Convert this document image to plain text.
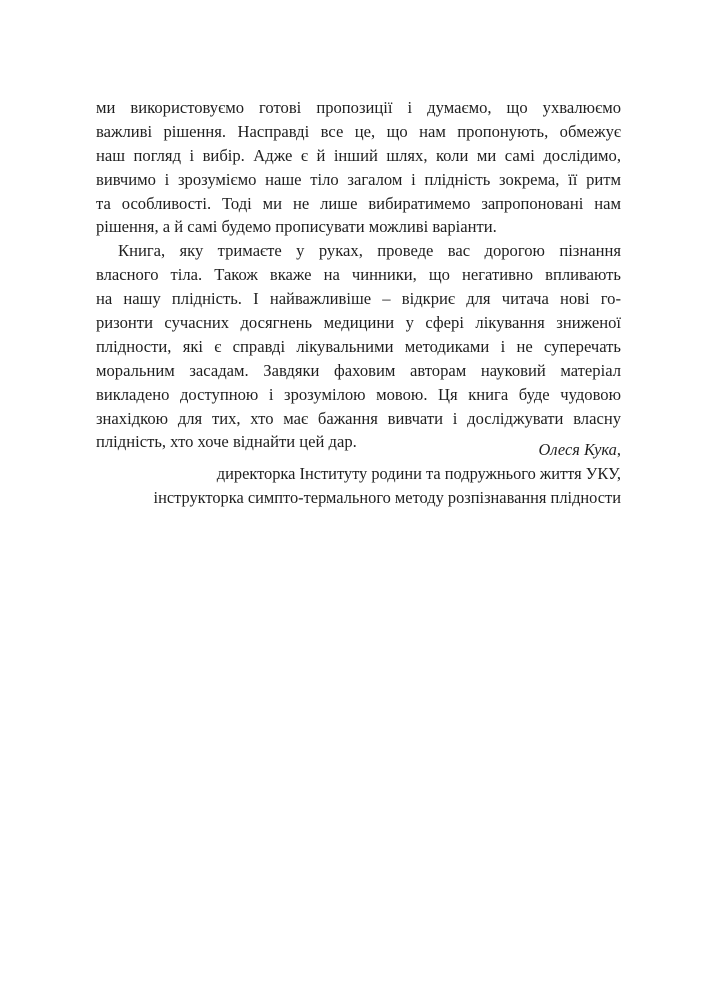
ми використовуємо готові пропозиції і думаємо, що ухвалюємо
важливі рішення. Насправді все це, що нам пропонують, обмежує
наш погляд і вибір. Адже є й інший шлях, коли ми самі дослідимо,
вивчимо і зрозуміємо наше тіло загалом і плідність зокрема, її ритм
та особливості. Тоді ми не лише вибиратимемо запропоновані нам
рішення, а й самі будемо прописувати можливі варіанти.
Книга, яку тримаєте у руках, проведе вас дорогою пізнання
власного тіла. Також вкаже на чинники, що негативно впливають
на нашу плідність. І найважливіше – відкриє для читача нові го-
ризонти сучасних досягнень медицини у сфері лікування зниженої
плідности, які є справді лікувальними методиками і не суперечать
моральним засадам. Завдяки фаховим авторам науковий матеріал
викладено доступною і зрозумілою мовою. Ця книга буде чудовою
знахідкою для тих, хто має бажання вивчати і досліджувати власну
плідність, хто хоче віднайти цей дар.	Олеся Кука,
директорка Інституту родини та подружнього життя УКУ,
інструкторка симпто-термального методу розпізнавання плідности
